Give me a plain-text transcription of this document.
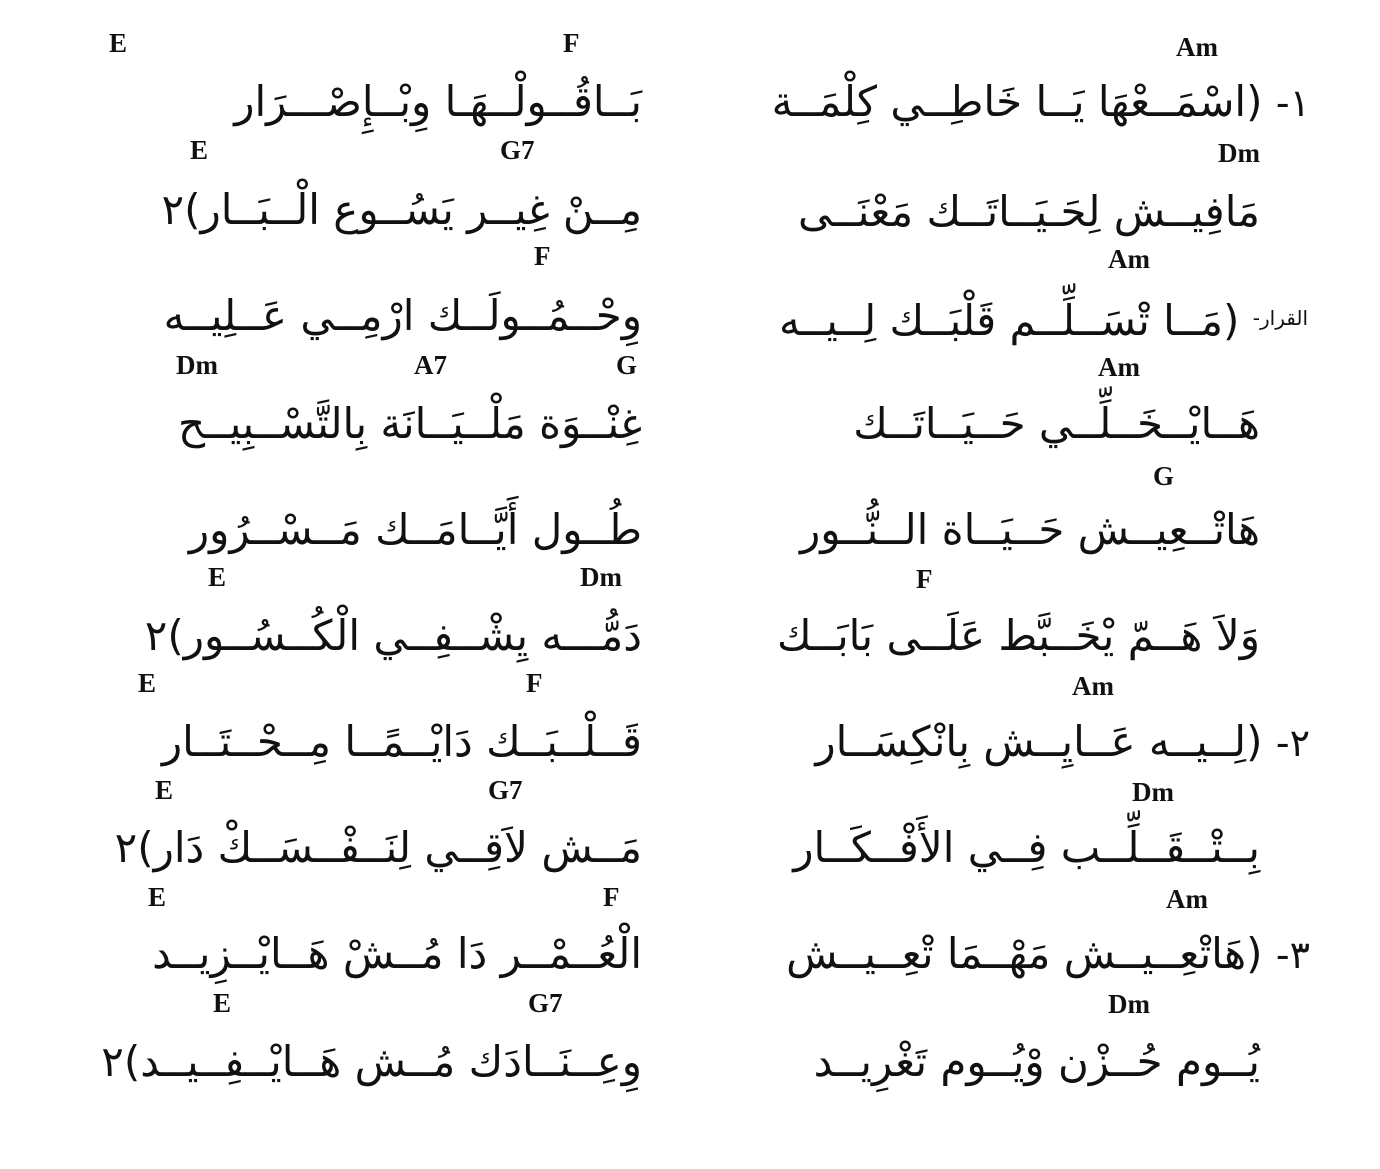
Am
F
E
١- (اسْمَــعْهَا يَــا خَاطِــي كِلْمَــة
بَــاقُــولْــهَـا وِبْــإِصْـــرَار
Dm
G7
E
مَافِيــش لِحَـيَــاتَــك مَعْنَــى
مِــنْ غِيــر يَسُــوع الْــبَــار)٢
Am
F
$^{القرار-}$ (مَــا تْسَــلِّــم قَلْبَــك لِــيــه
وِحْــمُــولَــك ارْمِــي عَــلِيــه
Am
G
A7
Dm
هَــايْــخَــلِّــي حَــيَــاتَــك
غِنْــوَة مَلْــيَــانَة بِالتَّسْــبِيــح
G
هَاتْــعِيــش حَــيَــاة الــنُّــور
طُــول أَيَّــامَــك مَــسْــرُور
F
Dm
E
وَلاَ هَــمّ يْخَــبَّط عَلَــى بَابَــك
دَمُّـــه يِشْــفِــي الْكُــسُــور)٢
Am
F
E
٢- (لِــيــه عَــايِــش بِانْكِسَــار
قَــلْــبَــك دَايْــمًــا مِــحْــتَــار
Dm
G7
E
بِــتْــقَــلِّــب فِــي الأَفْــكَــار
مَــش لاَقِــي لِنَــفْــسَــكْ دَار)٢
Am
F
E
٣- (هَاتْعِــيــش مَهْــمَا تْعِــيــش
الْعُــمْــر دَا مُــشْ هَــايْــزِيــد
Dm
G7
E
يُــوم حُــزْن وْيُــوم تَغْرِيــد
وِعِــنَــادَك مُــش هَــايْــفِــيــد)٢
